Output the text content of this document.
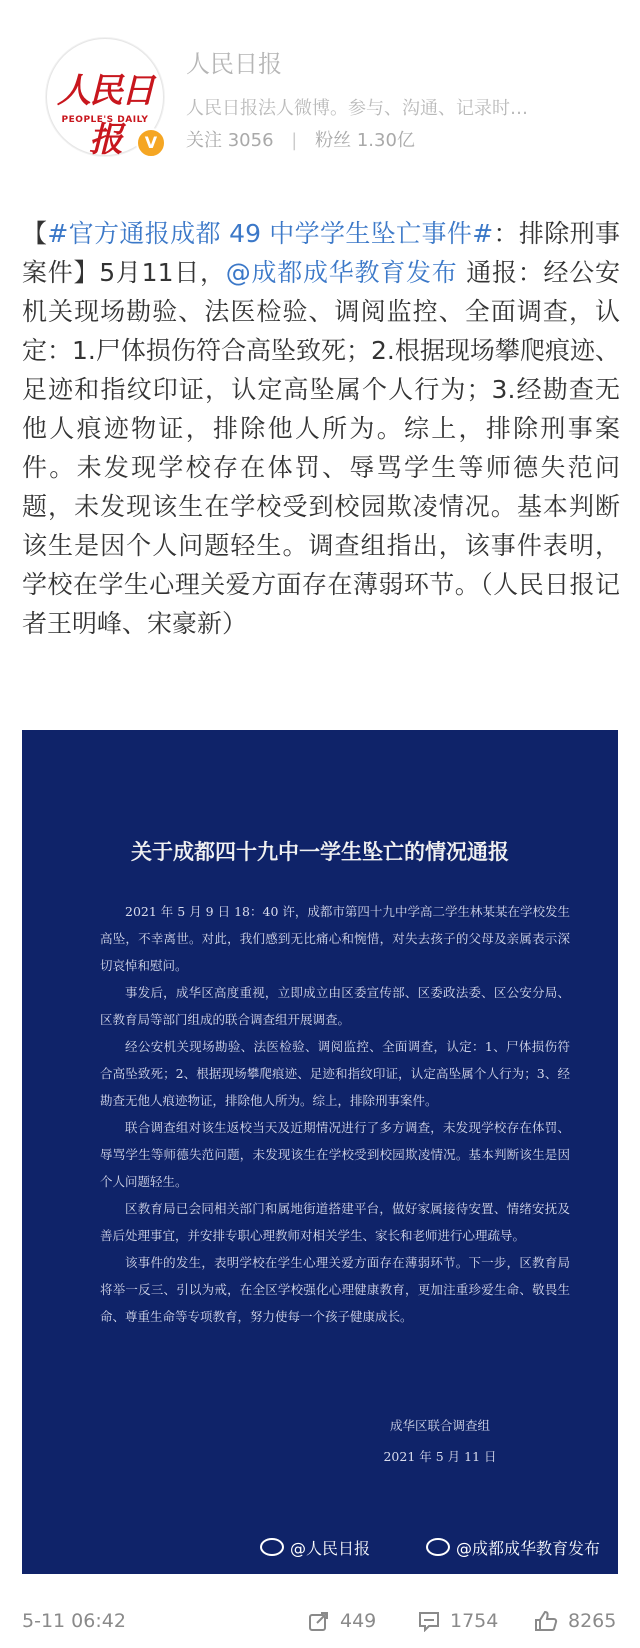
人民日报
PEOPLE'S DAILY
V
人民日报
人民日报法人微博。参与、沟通、记录时…
关注 3056 | 粉丝 1.30亿
【#官方通报成都 49 中学学生坠亡事件#：排除刑事案件】5月11日，@成都成华教育发布 通报：经公安机关现场勘验、法医检验、调阅监控、全面调查，认定：1.尸体损伤符合高坠致死；2.根据现场攀爬痕迹、足迹和指纹印证，认定高坠属个人行为；3.经勘查无他人痕迹物证，排除他人所为。综上，排除刑事案件。未发现学校存在体罚、辱骂学生等师德失范问题，未发现该生在学校受到校园欺凌情况。基本判断该生是因个人问题轻生。调查组指出，该事件表明，学校在学生心理关爱方面存在薄弱环节。（人民日报记者王明峰、宋豪新）
关于成都四十九中一学生坠亡的情况通报

2021 年 5 月 9 日 18：40 许，成都市第四十九中学高二学生林某某在学校发生高坠，不幸离世。对此，我们感到无比痛心和惋惜，对失去孩子的父母及亲属表示深切哀悼和慰问。

事发后，成华区高度重视，立即成立由区委宣传部、区委政法委、区公安分局、区教育局等部门组成的联合调查组开展调查。

经公安机关现场勘验、法医检验、调阅监控、全面调查，认定：1、尸体损伤符合高坠致死；2、根据现场攀爬痕迹、足迹和指纹印证，认定高坠属个人行为；3、经勘查无他人痕迹物证，排除他人所为。综上，排除刑事案件。

联合调查组对该生返校当天及近期情况进行了多方调查，未发现学校存在体罚、辱骂学生等师德失范问题，未发现该生在学校受到校园欺凌情况。基本判断该生是因个人问题轻生。

区教育局已会同相关部门和属地街道搭建平台，做好家属接待安置、情绪安抚及善后处理事宜，并安排专职心理教师对相关学生、家长和老师进行心理疏导。

该事件的发生，表明学校在学生心理关爱方面存在薄弱环节。下一步，区教育局将举一反三、引以为戒，在全区学校强化心理健康教育，更加注重珍爱生命、敬畏生命、尊重生命等专项教育，努力使每一个孩子健康成长。

成华区联合调查组
2021 年 5 月 11 日
@人民日报	@成都成华教育发布
5-11 06:42	449	1754	8265
